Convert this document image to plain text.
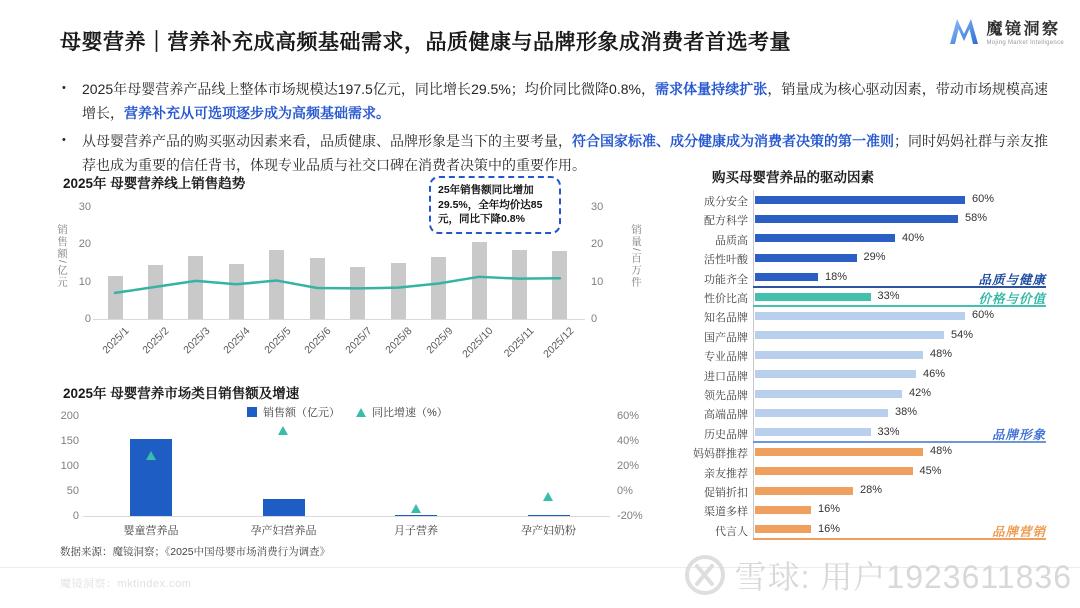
母婴营养｜营养补充成高频基础需求，品质健康与品牌形象成消费者首选考量
魔镜洞察
Mojing Market Intelligence
• 2025年母婴营养产品线上整体市场规模达197.5亿元，同比增长29.5%；均价同比微降0.8%，需求体量持续扩张，销量成为核心驱动因素，带动市场规模高速增长，营养补充从可选项逐步成为高频基础需求。
• 从母婴营养产品的购买驱动因素来看，品质健康、品牌形象是当下的主要考量，符合国家标准、成分健康成为消费者决策的第一准则；同时妈妈社群与亲友推荐也成为重要的信任背书，体现专业品质与社交口碑在消费者决策中的重要作用。
2025年 母婴营养线上销售趋势
销售额/亿元	销量/百万件
25年销售额同比增加29.5%，全年均价达85元，同比下降0.8%
30
20
10
0
30
20
10
0
2025/1 2025/2 2025/3 2025/4 2025/5 2025/6 2025/7 2025/8 2025/9 2025/10 2025/11 2025/12
2025年 母婴营养市场类目销售额及增速
销售额（亿元）	同比增速（%）
200
150
100
50
0
60%
40%
20%
0%
-20%
婴童营养品	孕产妇营养品	月子营养	孕产妇奶粉
购买母婴营养品的驱动因素
成分安全	60%
配方科学	58%
品质高	40%
活性叶酸	29%
功能齐全	18%	品质与健康
性价比高	33%	价格与价值
知名品牌	60%
国产品牌	54%
专业品牌	48%
进口品牌	46%
领先品牌	42%
高端品牌	38%
历史品牌	33%	品牌形象
妈妈群推荐	48%
亲友推荐	45%
促销折扣	28%
渠道多样	16%
代言人	16%	品牌营销
数据来源：魔镜洞察；《2025中国母婴市场消费行为调查》
魔镜洞察：mktindex.com	雪球: 用户1923611836
